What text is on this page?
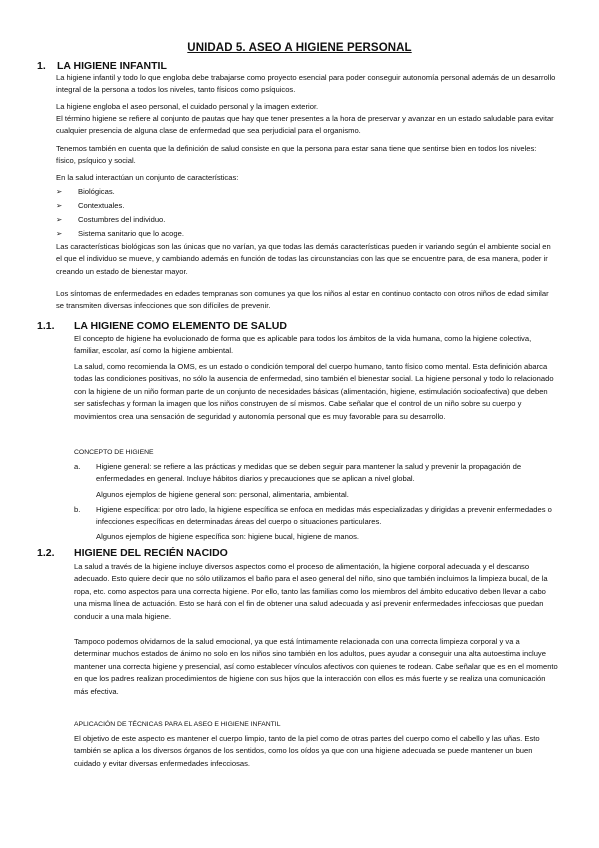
UNIDAD 5. ASEO A HIGIENE PERSONAL
1. LA HIGIENE INFANTIL

La higiene infantil y todo lo que engloba debe trabajarse como proyecto esencial para poder conseguir autonomía personal además de un desarrollo integral de la persona a todos los niveles, tanto físicos como psíquicos.

La higiene engloba el aseo personal, el cuidado personal y la imagen exterior.

El término higiene se refiere al conjunto de pautas que hay que tener presentes a la hora de preservar y avanzar en un estado saludable para evitar cualquier presencia de alguna clase de enfermedad que sea perjudicial para el organismo.

Tenemos también en cuenta que la definición de salud consiste en que la persona para estar sana tiene que sentirse bien en todos los niveles: físico, psíquico y social.

En la salud interactúan un conjunto de características:

➢	Biológicas.
➢	Contextuales.
➢	Costumbres del individuo.
➢	Sistema sanitario que lo acoge.

Las características biológicas son las únicas que no varían, ya que todas las demás características pueden ir variando según el ambiente social en el que el individuo se mueve, y cambiando además en función de todas las circunstancias con las que se encuentre para, de esa manera, poder ir creando un estado de bienestar mayor.

Los síntomas de enfermedades en edades tempranas son comunes ya que los niños al estar en continuo contacto con otros niños de edad similar se transmiten diversas infecciones que son difíciles de prevenir.

1.1. LA HIGIENE COMO ELEMENTO DE SALUD

El concepto de higiene ha evolucionado de forma que es aplicable para todos los ámbitos de la vida humana, como la higiene colectiva, familiar, escolar, así como la higiene ambiental.

La salud, como recomienda la OMS, es un estado o condición temporal del cuerpo humano, tanto físico como mental. Esta definición abarca todas las condiciones positivas, no sólo la ausencia de enfermedad, sino también el bienestar social. La higiene personal y todo lo relacionado con la higiene de un niño forman parte de un conjunto de necesidades básicas (alimentación, higiene, estimulación socioafectiva) que deben ser satisfechas y forman la imagen que los niños construyen de sí mismos. Cabe señalar que el control de un niño sobre su cuerpo y movimientos crea una sensación de seguridad y autonomía personal que es muy favorable para su desarrollo.

CONCEPTO DE HIGIENE
a.	Higiene general: se refiere a las prácticas y medidas que se deben seguir para mantener la salud y prevenir la propagación de enfermedades en general. Incluye hábitos diarios y precauciones que se aplican a nivel global.

Algunos ejemplos de higiene general son: personal, alimentaria, ambiental.

b.	Higiene específica: por otro lado, la higiene específica se enfoca en medidas más especializadas y dirigidas a prevenir enfermedades o infecciones específicas en determinadas áreas del cuerpo o situaciones particulares.

Algunos ejemplos de higiene específica son: higiene bucal, higiene de manos.

1.2. HIGIENE DEL RECIÉN NACIDO

La salud a través de la higiene incluye diversos aspectos como el proceso de alimentación, la higiene corporal adecuada y el descanso adecuado. Esto quiere decir que no sólo utilizamos el baño para el aseo general del niño, sino que también incluimos la limpieza bucal, de la ropa, etc. como aspectos para una correcta higiene. Por ello, tanto las familias como los miembros del ámbito educativo deben llevar a cabo una misma línea de actuación. Esto se hará con el fin de obtener una salud adecuada y así prevenir enfermedades infecciosas que puedan conducir a una mala higiene.

Tampoco podemos olvidarnos de la salud emocional, ya que está íntimamente relacionada con una correcta limpieza corporal y va a determinar muchos estados de ánimo no solo en los niños sino también en los adultos, pues ayudar a conseguir una alta autoestima incluye mantener una correcta higiene y presencial, así como establecer vínculos afectivos con quienes te rodean. Cabe señalar que es en el momento en que los padres realizan procedimientos de higiene con sus hijos que la interacción con ellos es más fuerte y se realiza una comunicación más efectiva.

APLICACIÓN DE TÉCNICAS PARA EL ASEO E HIGIENE INFANTIL

El objetivo de este aspecto es mantener el cuerpo limpio, tanto de la piel como de otras partes del cuerpo como el cabello y las uñas. Esto también se aplica a los diversos órganos de los sentidos, como los oídos ya que con una higiene adecuada se puede mantener un buen cuidado y evitar diversas enfermedades infecciosas.
